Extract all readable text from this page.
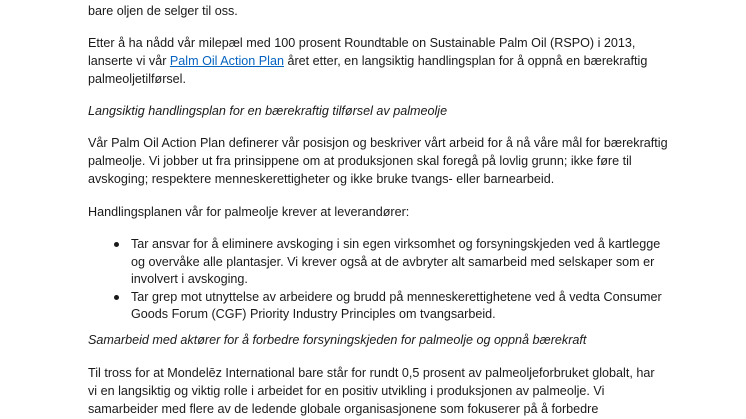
bare oljen de selger til oss.
Etter å ha nådd vår milepæl med 100 prosent Roundtable on Sustainable Palm Oil (RSPO) i 2013,
lanserte vi vår Palm Oil Action Plan året etter, en langsiktig handlingsplan for å oppnå en bærekraftig
palmeoljetilførsel.
Langsiktig handlingsplan for en bærekraftig tilførsel av palmeolje
Vår Palm Oil Action Plan definerer vår posisjon og beskriver vårt arbeid for å nå våre mål for bærekraftig
palmeolje. Vi jobber ut fra prinsippene om at produksjonen skal foregå på lovlig grunn; ikke føre til
avskoging; respektere menneskerettigheter og ikke bruke tvangs- eller barnearbeid.
Handlingsplanen vår for palmeolje krever at leverandører:
Tar ansvar for å eliminere avskoging i sin egen virksomhet og forsyningskjeden ved å kartlegge
og overvåke alle plantasjer. Vi krever også at de avbryter alt samarbeid med selskaper som er
involvert i avskoging.
Tar grep mot utnyttelse av arbeidere og brudd på menneskerettighetene ved å vedta Consumer
Goods Forum (CGF) Priority Industry Principles om tvangsarbeid.
Samarbeid med aktører for å forbedre forsyningskjeden for palmeolje og oppnå bærekraft
Til tross for at Mondelēz International bare står for rundt 0,5 prosent av palmeoljeforbruket globalt, har
vi en langsiktig og viktig rolle i arbeidet for en positiv utvikling i produksjonen av palmeolje. Vi
samarbeider med flere av de ledende globale organisasjonene som fokuserer på å forbedre
